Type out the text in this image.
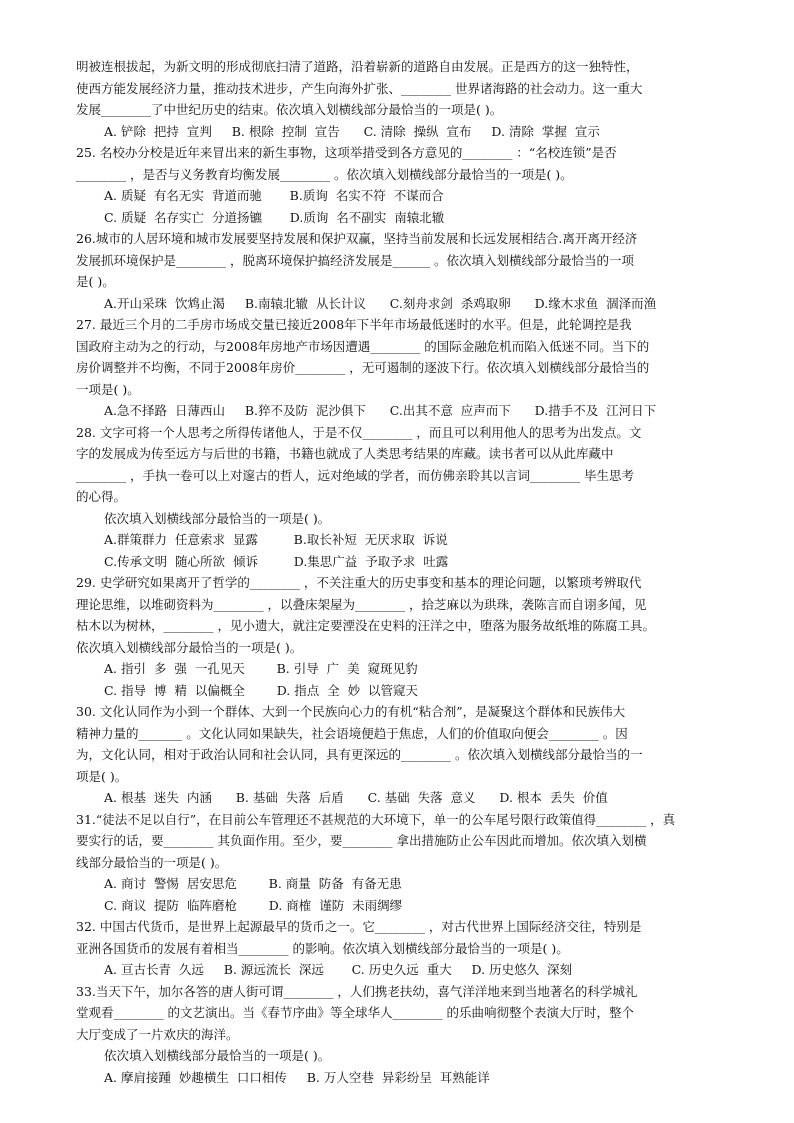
明被连根拔起，为新文明的形成彻底扫清了道路，沿着崭新的道路自由发展。正是西方的这一独特性，

使西方能发展经济力量，推动技术进步，产生向海外扩张、________ 世界诸海路的社会动力。这一重大

发展________了中世纪历史的结束。依次填入划横线部分最恰当的一项是( )。

A. 铲除  把持  宣判     B. 根除  控制  宣告      C. 清除  操纵  宣布     D. 清除  掌握  宣示

25. 名校办分校是近年来冒出来的新生事物，这项举措受到各方意见的________ ：“名校连锁”是否

________ ，是否与义务教育均衡发展________ 。依次填入划横线部分最恰当的一项是( )。

A. 质疑  有名无实  背道而驰       B.质询  名实不符  不谋而合

C. 质疑  名存实亡  分道扬镳       D.质询  名不副实  南辕北辙

26.城市的人居环境和城市发展要坚持发展和保护双赢，坚持当前发展和长远发展相结合.离开离开经济

发展抓环境保护是________ ，脱离环境保护搞经济发展是______ 。依次填入划横线部分最恰当的一项

是( )。

A.开山采珠  饮鸩止渴     B.南辕北辙  从长计议      C.刻舟求剑  杀鸡取卵      D.缘木求鱼  涸泽而渔

27. 最近三个月的二手房市场成交量已接近2008年下半年市场最低迷时的水平。但是，此轮调控是我

国政府主动为之的行动，与2008年房地产市场因遭遇________ 的国际金融危机而陷入低迷不同。当下的

房价调整并不均衡，不同于2008年房价________ ，无可遏制的逐波下行。依次填入划横线部分最恰当的

一项是( )。

A.急不择路  日薄西山     B.猝不及防  泥沙俱下      C.出其不意  应声而下      D.措手不及  江河日下

28. 文字可将一个人思考之所得传诸他人，于是不仅________ ，而且可以利用他人的思考为出发点。文

字的发展成为传至远方与后世的书籍，书籍也就成了人类思考结果的库藏。读书者可以从此库藏中

________ ，手执一卷可以上对邃古的哲人，远对绝域的学者，而仿佛亲聆其以言词________ 毕生思考

的心得。

依次填入划横线部分最恰当的一项是( )。

A.群策群力  任意索求  显露         B.取长补短  无厌求取  诉说

C.传承文明  随心所欲  倾诉         D.集思广益  予取予求  吐露

29. 史学研究如果离开了哲学的________ ，不关注重大的历史事变和基本的理论问题，以繁琐考辨取代

理论思维，以堆砌资料为________ ，以叠床架屋为________ ，拾芝麻以为珙珠，袭陈言而自诩多闻，见

枯木以为树林，________ ，见小遗大，就注定要湮没在史料的汪洋之中，堕落为服务故纸堆的陈腐工具。

依次填入划横线部分最恰当的一项是( )。

A. 指引  多  强  一孔见天        B. 引导  广  美  窥斑见豹

C. 指导  博  精  以偏概全        D. 指点  全  妙  以管窥天

30. 文化认同作为小到一个群体、大到一个民族向心力的有机“粘合剂”，是凝聚这个群体和民族伟大

精神力量的_______ 。文化认同如果缺失，社会语境便趋于焦虑，人们的价值取向便会________ 。因

为，文化认同，相对于政治认同和社会认同，具有更深远的________ 。依次填入划横线部分最恰当的一

项是( )。

A. 根基  迷失  内涵      B. 基础  失落  后盾      C. 基础  失落  意义      D. 根本  丢失  价值

31.“徒法不足以自行”，在目前公车管理还不甚规范的大环境下，单一的公车尾号限行政策值得________ ，真

要实行的话，要________ 其负面作用。至少，要________ 拿出措施防止公车因此而增加。依次填入划横

线部分最恰当的一项是( )。

A. 商讨  警惕  居安思危        B. 商量  防备  有备无患

C. 商议  提防  临阵磨枪        D. 商榷  谨防  未雨绸缪

32. 中国古代货币，是世界上起源最早的货币之一。它________ ，对古代世界上国际经济交往，特别是

亚洲各国货币的发展有着相当________ 的影响。依次填入划横线部分最恰当的一项是( )。

A. 亘古长青  久远     B. 源远流长  深远       C. 历史久远  重大     D. 历史悠久  深刻

33.当天下午，加尔各答的唐人街可谓________ ，人们携老扶幼，喜气洋洋地来到当地著名的科学城礼

堂观看________ 的文艺演出。当《春节序曲》等全球华人________ 的乐曲响彻整个表演大厅时，整个

大厅变成了一片欢庆的海洋。

依次填入划横线部分最恰当的一项是( )。

A. 摩肩接踵  妙趣横生  口口相传     B. 万人空巷  异彩纷呈  耳熟能详
